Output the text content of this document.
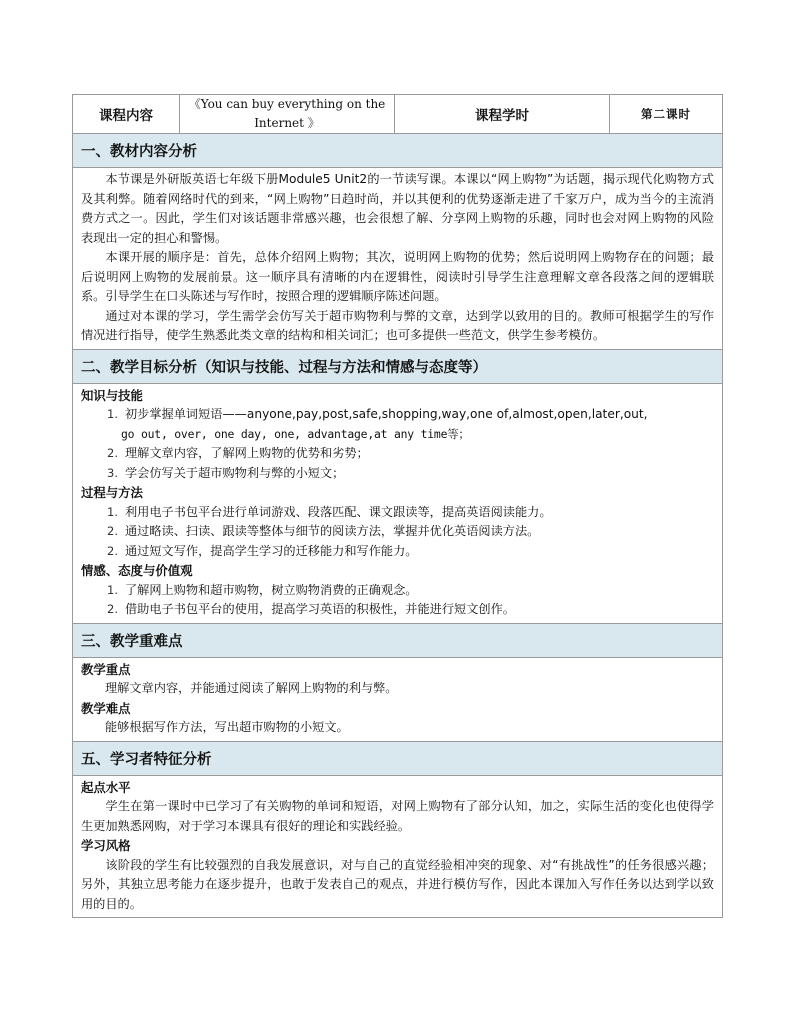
课程内容	《You can buy everything on the Internet 》	课程学时	第二课时
一、教材内容分析

本节课是外研版英语七年级下册Module5 Unit2的一节读写课。本课以“网上购物”为话题，揭示现代化购物方式及其利弊。随着网络时代的到来，“网上购物”日趋时尚，并以其便利的优势逐渐走进了千家万户，成为当今的主流消费方式之一。因此，学生们对该话题非常感兴趣，也会很想了解、分享网上购物的乐趣，同时也会对网上购物的风险表现出一定的担心和警惕。

本课开展的顺序是：首先，总体介绍网上购物；其次，说明网上购物的优势；然后说明网上购物存在的问题；最后说明网上购物的发展前景。这一顺序具有清晰的内在逻辑性，阅读时引导学生注意理解文章各段落之间的逻辑联系。引导学生在口头陈述与写作时，按照合理的逻辑顺序陈述问题。

通过对本课的学习，学生需学会仿写关于超市购物利与弊的文章，达到学以致用的目的。教师可根据学生的写作情况进行指导，使学生熟悉此类文章的结构和相关词汇；也可多提供一些范文，供学生参考模仿。

二、教学目标分析（知识与技能、过程与方法和情感与态度等）

知识与技能

1. 初步掌握单词短语——anyone,pay,post,safe,shopping,way,one of,almost,open,later,out,

go out, over, one day, one, advantage,at any time等；

2. 理解文章内容，了解网上购物的优势和劣势；

3. 学会仿写关于超市购物利与弊的小短文；

过程与方法

1. 利用电子书包平台进行单词游戏、段落匹配、课文跟读等，提高英语阅读能力。

2. 通过略读、扫读、跟读等整体与细节的阅读方法，掌握并优化英语阅读方法。

2. 通过短文写作，提高学生学习的迁移能力和写作能力。

情感、态度与价值观

1. 了解网上购物和超市购物，树立购物消费的正确观念。

2. 借助电子书包平台的使用，提高学习英语的积极性，并能进行短文创作。

三、教学重难点

教学重点

理解文章内容，并能通过阅读了解网上购物的利与弊。

教学难点

能够根据写作方法，写出超市购物的小短文。

五、学习者特征分析

起点水平

学生在第一课时中已学习了有关购物的单词和短语，对网上购物有了部分认知，加之，实际生活的变化也使得学生更加熟悉网购，对于学习本课具有很好的理论和实践经验。

学习风格

该阶段的学生有比较强烈的自我发展意识，对与自己的直觉经验相冲突的现象、对“有挑战性”的任务很感兴趣；另外，其独立思考能力在逐步提升，也敢于发表自己的观点，并进行模仿写作，因此本课加入写作任务以达到学以致用的目的。
